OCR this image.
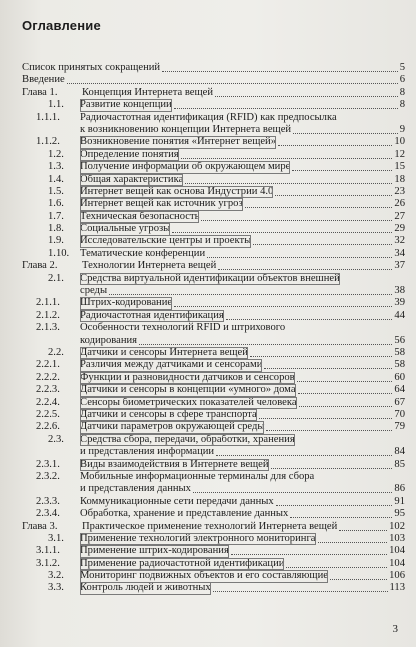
Оглавление
Список принятых сокращений	5
Введение	6
Глава 1. Концепция Интернета вещей	8
1.1. Развитие концепции	8
1.1.1. Радиочастотная идентификация (RFID) как предпосылка
к возникновению концепции Интернета вещей	9
1.1.2. Возникновение понятия «Интернет вещей»	10
1.2. Определение понятия	12
1.3. Получение информации об окружающем мире	15
1.4. Общая характеристика	18
1.5. Интернет вещей как основа Индустрии 4.0	23
1.6. Интернет вещей как источник угроз	26
1.7. Техническая безопасность	27
1.8. Социальные угрозы	29
1.9. Исследовательские центры и проекты	32
1.10. Тематические конференции	34
Глава 2. Технологии Интернета вещей	37
2.1. Средства виртуальной идентификации объектов внешней
среды	38
2.1.1. Штрих-кодирование	39
2.1.2. Радиочастотная идентификация	44
2.1.3. Особенности технологий RFID и штрихового
кодирования	56
2.2. Датчики и сенсоры Интернета вещей	58
2.2.1. Различия между датчиками и сенсорами	58
2.2.2. Функции и разновидности датчиков и сенсоров	60
2.2.3. Датчики и сенсоры в концепции «умного» дома	64
2.2.4. Сенсоры биометрических показателей человека	67
2.2.5. Датчики и сенсоры в сфере транспорта	70
2.2.6. Датчики параметров окружающей среды	79
2.3. Средства сбора, передачи, обработки, хранения
и представления информации	84
2.3.1. Виды взаимодействия в Интернете вещей	85
2.3.2. Мобильные информационные терминалы для сбора
и представления данных	86
2.3.3. Коммуникационные сети передачи данных	91
2.3.4. Обработка, хранение и представление данных	95
Глава 3. Практическое применение технологий Интернета вещей	102
3.1. Применение технологий электронного мониторинга	103
3.1.1. Применение штрих-кодирования	104
3.1.2. Применение радиочастотной идентификации	104
3.2. Мониторинг подвижных объектов и его составляющие	106
3.3. Контроль людей и животных	113
3
